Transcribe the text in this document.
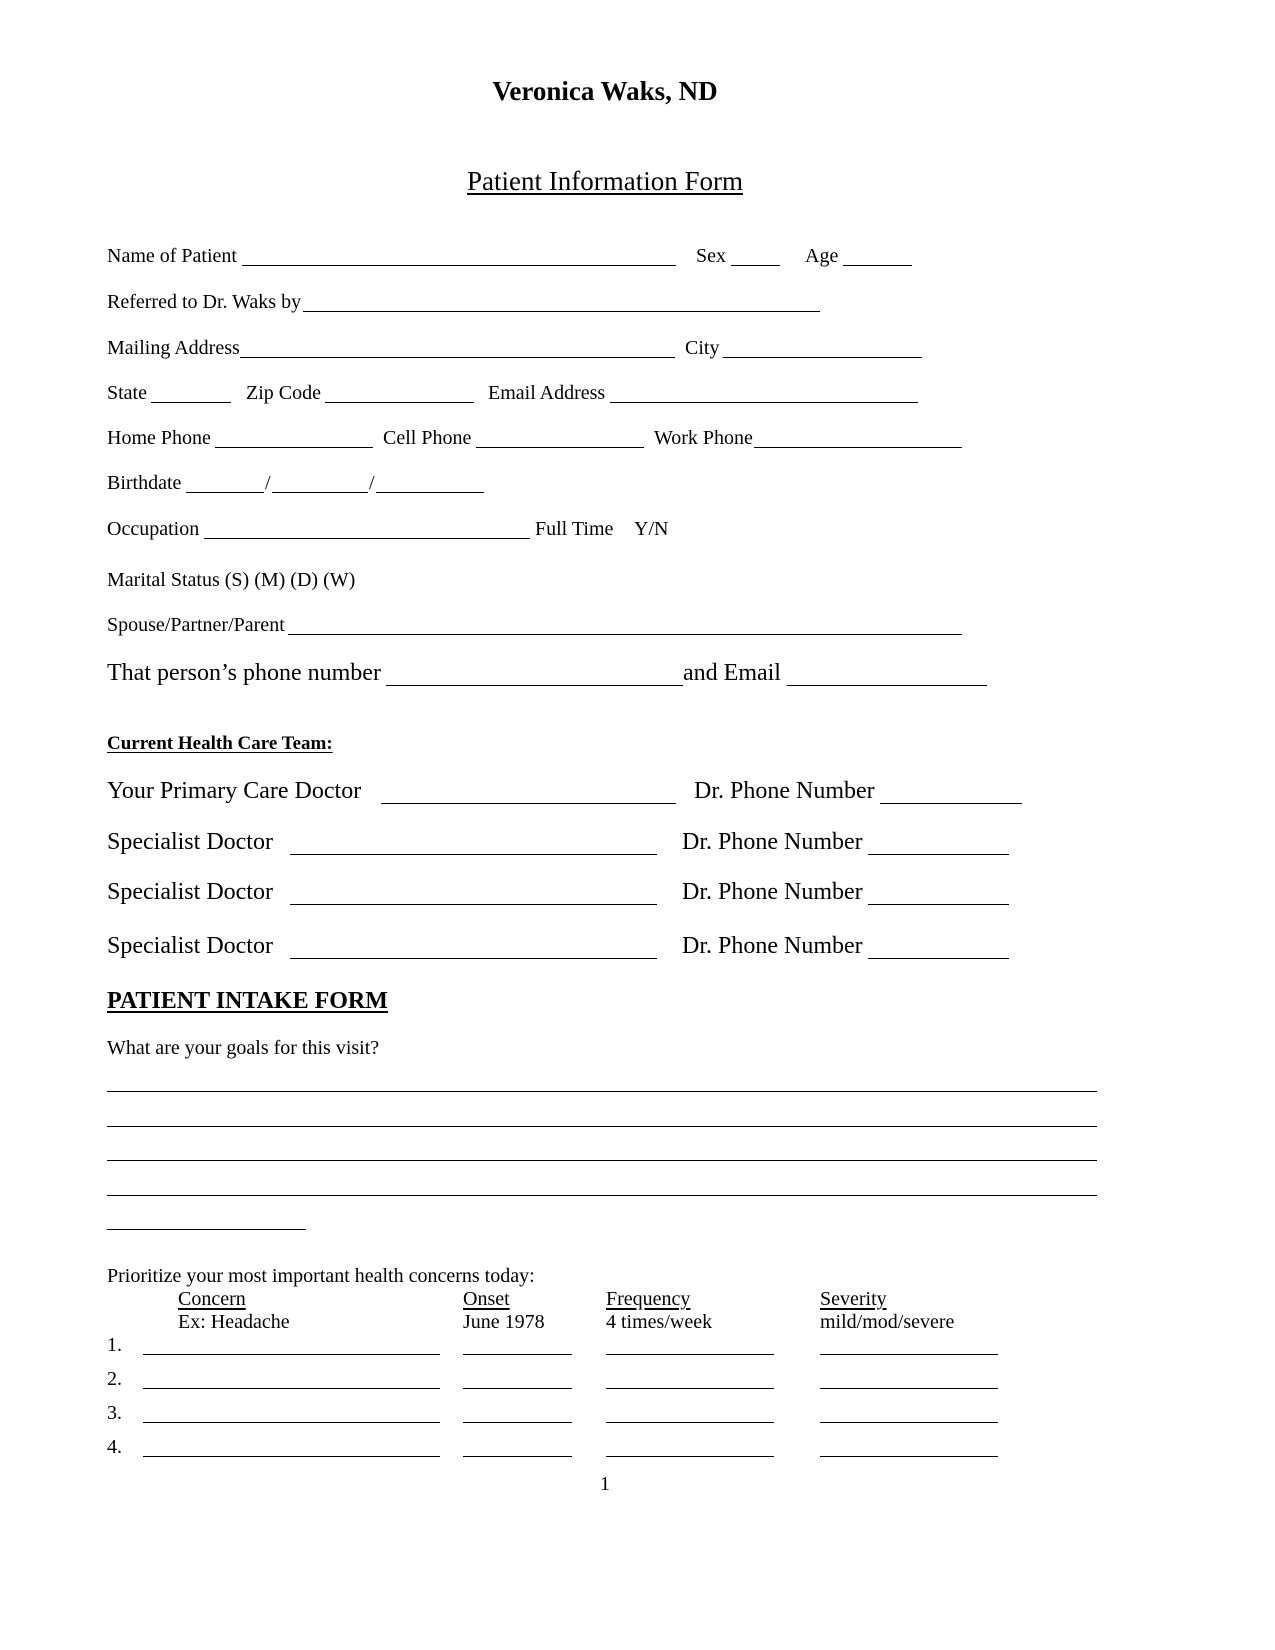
Veronica Waks, ND
Patient Information Form
Name of Patient	Sex	Age
Referred to Dr. Waks by
Mailing Address	City
State	Zip Code	Email Address
Home Phone	Cell Phone	Work Phone
Birthdate	/	/
Occupation	Full Time Y/N
Marital Status (S) (M) (D) (W)
Spouse/Partner/Parent
That person’s phone number	and Email
Current Health Care Team:
Your Primary Care Doctor	Dr. Phone Number
Specialist Doctor	Dr. Phone Number
Specialist Doctor	Dr. Phone Number
Specialist Doctor	Dr. Phone Number
PATIENT INTAKE FORM
What are your goals for this visit?
Prioritize your most important health concerns today:
Concern	Onset	Frequency	Severity
Ex: Headache	June 1978	4 times/week	mild/mod/severe
1.
2.
3.
4.
1
